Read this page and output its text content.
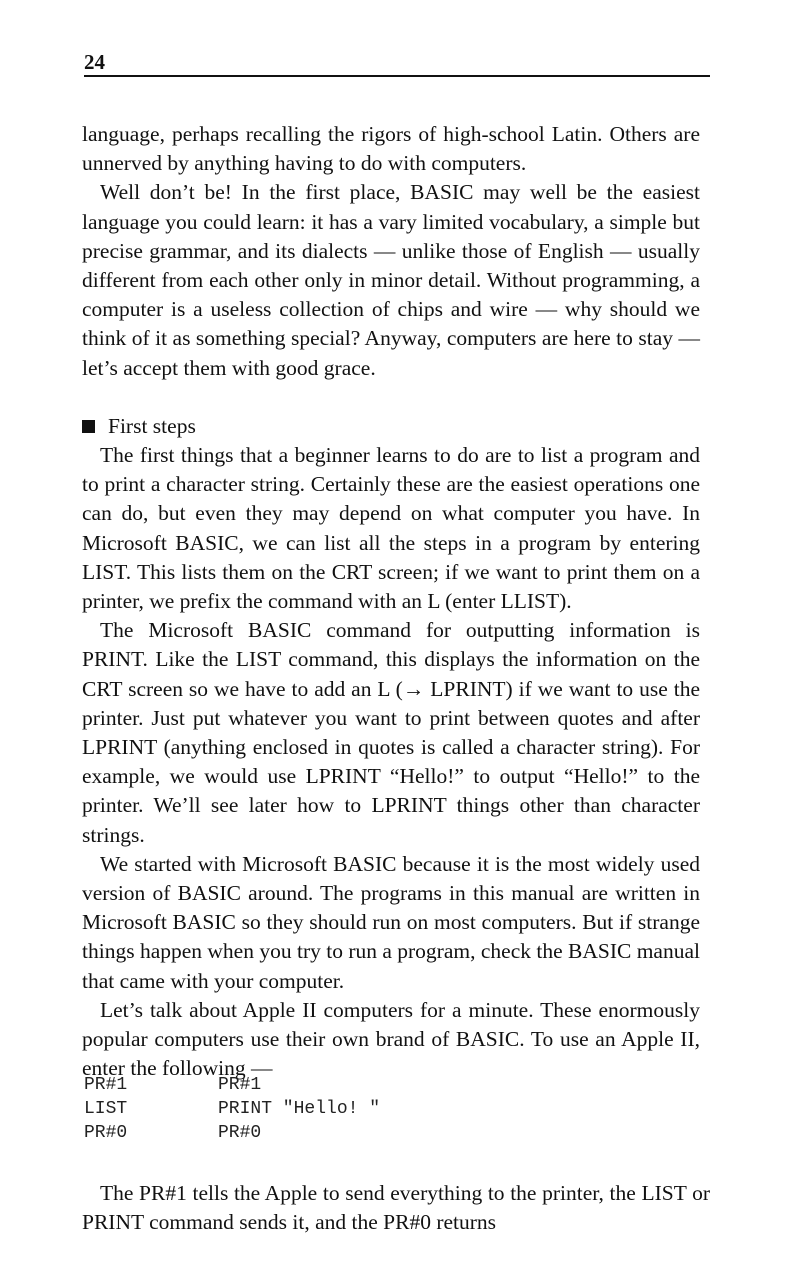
24

language, perhaps recalling the rigors of high-school Latin. Others are unnerved by anything having to do with computers.

Well don’t be! In the first place, BASIC may well be the easiest language you could learn: it has a vary limited vocabulary, a simple but precise grammar, and its dialects — unlike those of English — usually different from each other only in minor detail. Without programming, a computer is a useless collection of chips and wire — why should we think of it as something special? Anyway, computers are here to stay — let’s accept them with good grace.

First steps

The first things that a beginner learns to do are to list a program and to print a character string. Certainly these are the easiest operations one can do, but even they may depend on what computer you have. In Microsoft BASIC, we can list all the steps in a program by entering LIST. This lists them on the CRT screen; if we want to print them on a printer, we prefix the command with an L (enter LLIST).

The Microsoft BASIC command for outputting information is PRINT. Like the LIST command, this displays the information on the CRT screen so we have to add an L (→ LPRINT) if we want to use the printer. Just put whatever you want to print between quotes and after LPRINT (anything enclosed in quotes is called a character string). For example, we would use LPRINT “Hello!” to output “Hello!” to the printer. We’ll see later how to LPRINT things other than character strings.

We started with Microsoft BASIC because it is the most widely used version of BASIC around. The programs in this manual are written in Microsoft BASIC so they should run on most computers. But if strange things happen when you try to run a program, check the BASIC manual that came with your computer.

Let’s talk about Apple II computers for a minute. These enormously popular computers use their own brand of BASIC. To use an Apple II, enter the following —

PR#1	PR#1
LIST	PRINT "Hello! "
PR#0	PR#0

The PR#1 tells the Apple to send everything to the printer, the LIST or PRINT command sends it, and the PR#0 returns
